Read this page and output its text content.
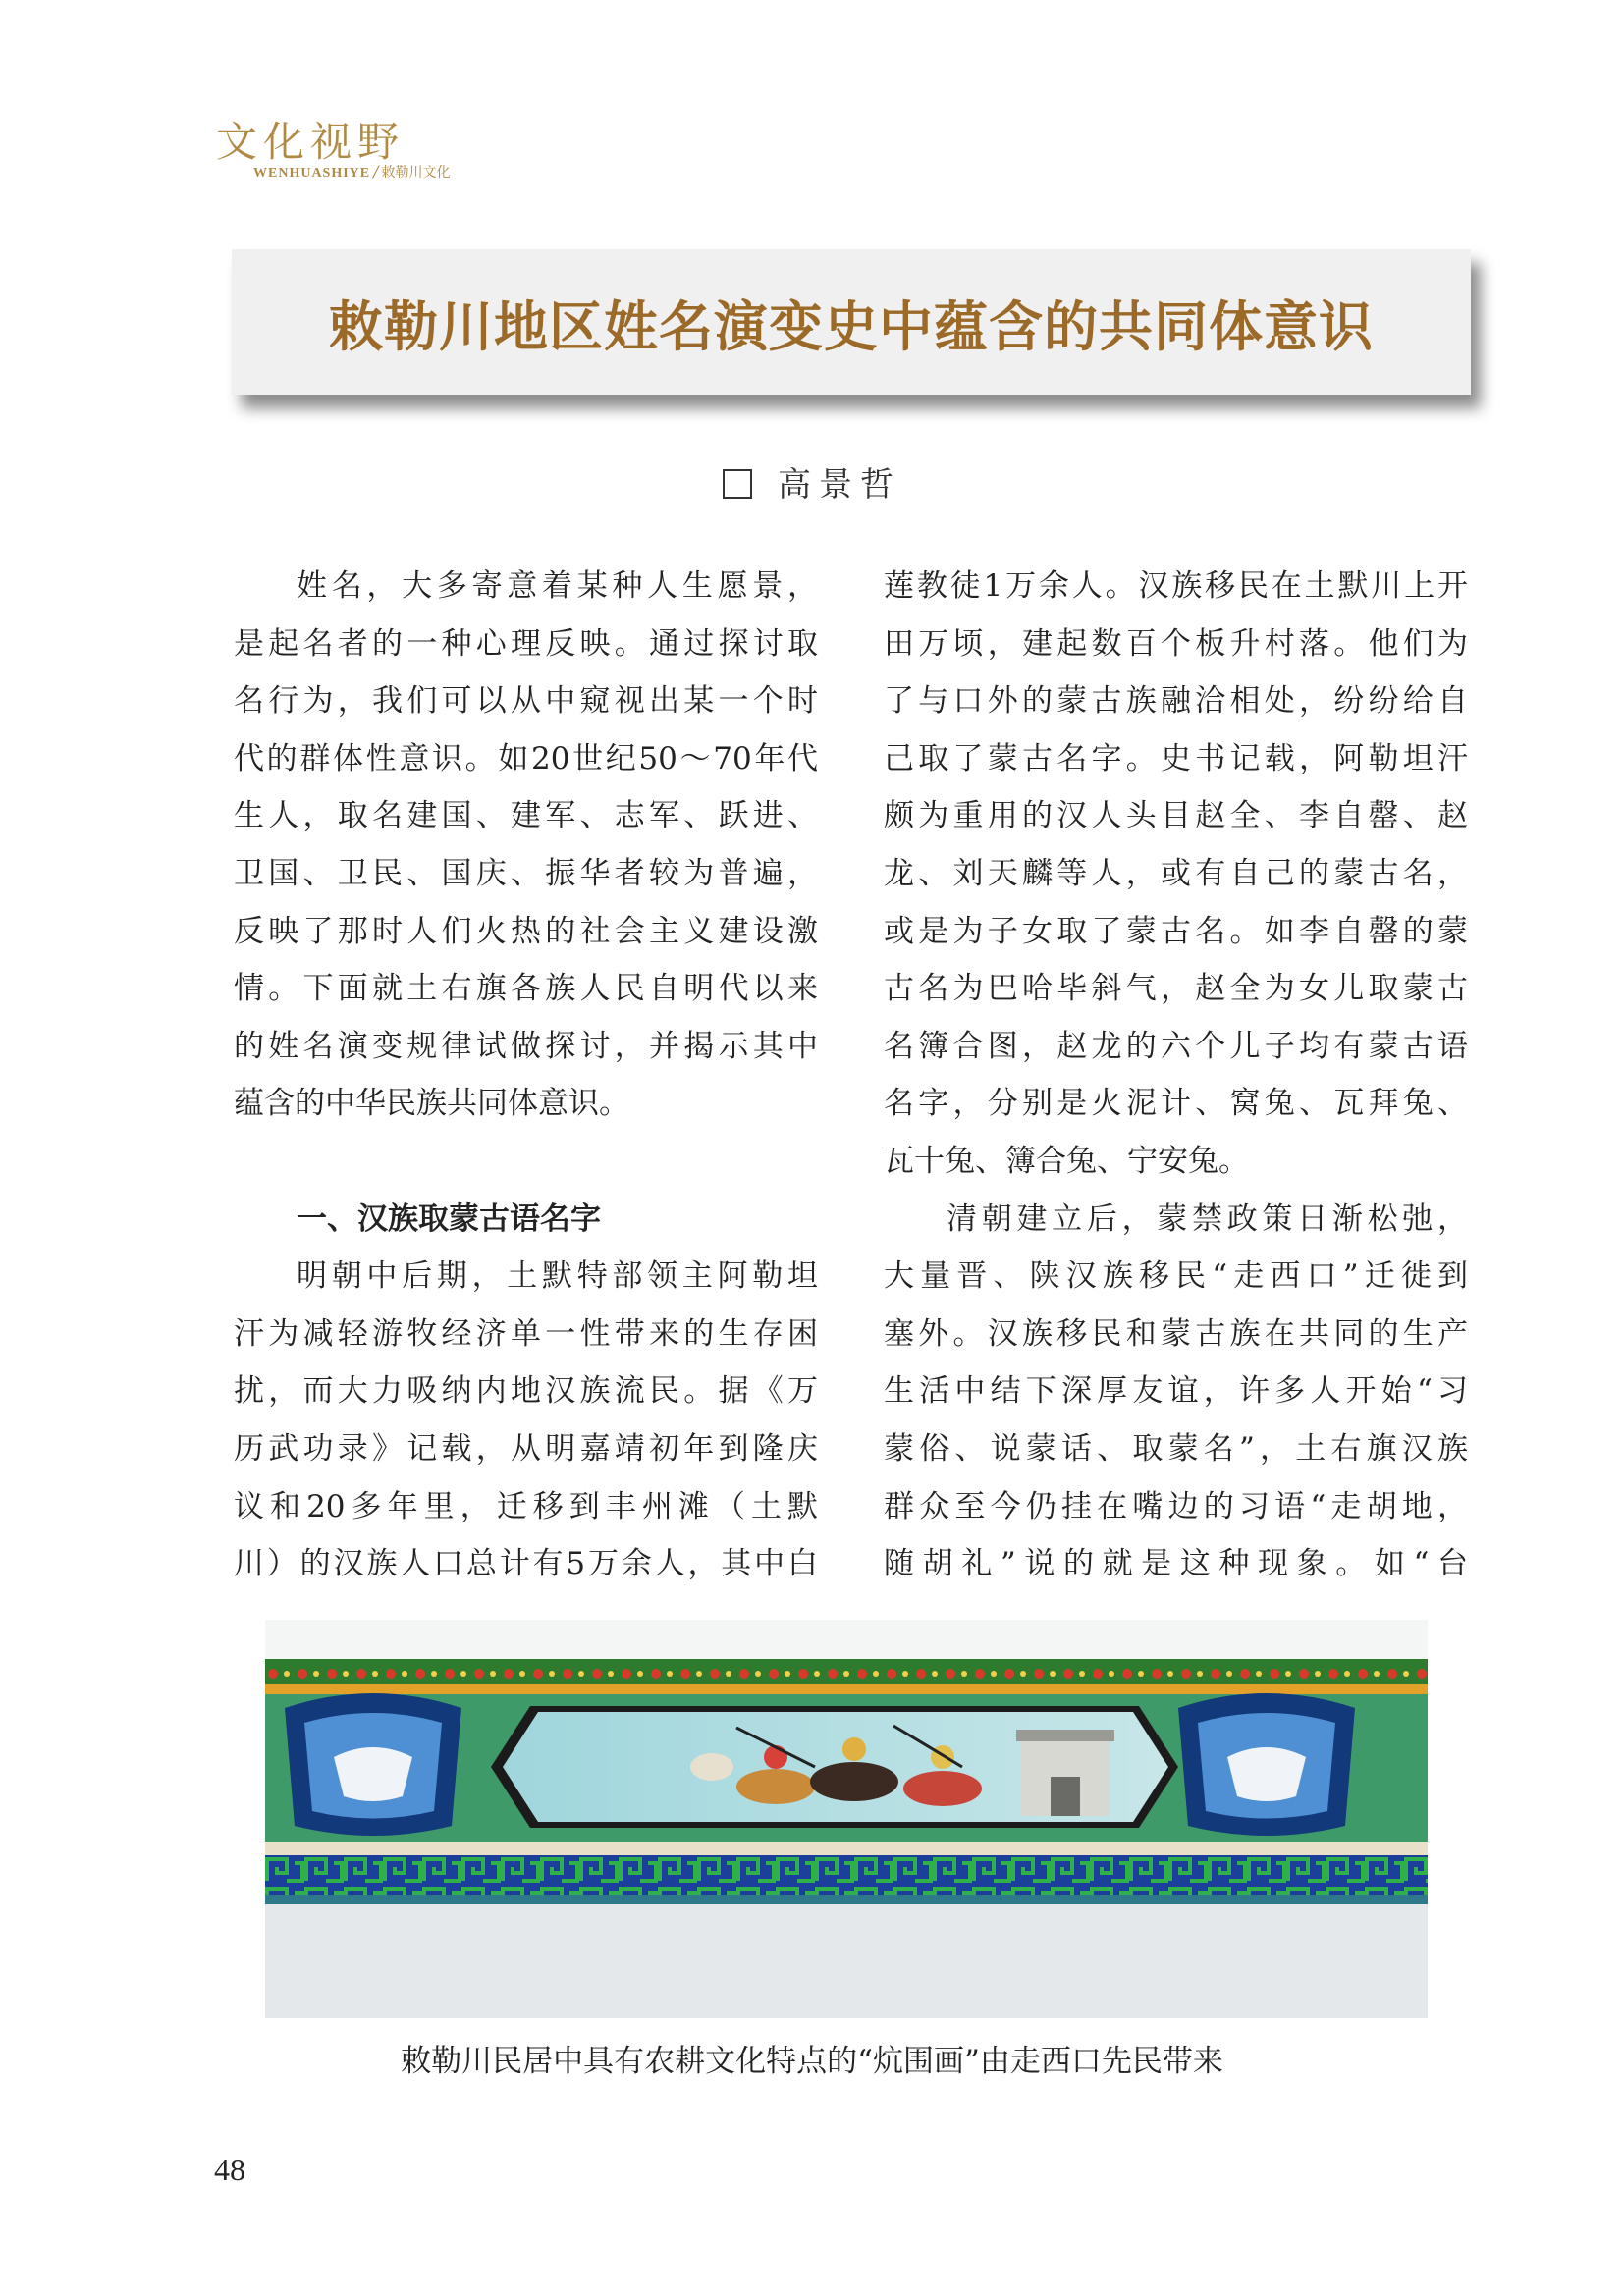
文化视野
WENHUASHIYE / 敕勒川文化
敕勒川地区姓名演变史中蕴含的共同体意识
高景哲
姓名，大多寄意着某种人生愿景，
是起名者的一种心理反映。通过探讨取
名行为，我们可以从中窥视出某一个时
代的群体性意识。如20世纪50～70年代
生人，取名建国、建军、志军、跃进、
卫国、卫民、国庆、振华者较为普遍，
反映了那时人们火热的社会主义建设激
情。下面就土右旗各族人民自明代以来
的姓名演变规律试做探讨，并揭示其中
蕴含的中华民族共同体意识。
一、汉族取蒙古语名字
明朝中后期，土默特部领主阿勒坦
汗为减轻游牧经济单一性带来的生存困
扰，而大力吸纳内地汉族流民。据《万
历武功录》记载，从明嘉靖初年到隆庆
议和20多年里，迁移到丰州滩（土默
川）的汉族人口总计有5万余人，其中白
莲教徒1万余人。汉族移民在土默川上开
田万顷，建起数百个板升村落。他们为
了与口外的蒙古族融洽相处，纷纷给自
己取了蒙古名字。史书记载，阿勒坦汗
颇为重用的汉人头目赵全、李自罄、赵
龙、刘天麟等人，或有自己的蒙古名，
或是为子女取了蒙古名。如李自罄的蒙
古名为巴哈毕斜气，赵全为女儿取蒙古
名簿合图，赵龙的六个儿子均有蒙古语
名字，分别是火泥计、窝兔、瓦拜兔、
瓦十兔、簿合兔、宁安兔。
清朝建立后，蒙禁政策日渐松弛，
大量晋、陕汉族移民“走西口”迁徙到
塞外。汉族移民和蒙古族在共同的生产
生活中结下深厚友谊，许多人开始“习
蒙俗、说蒙话、取蒙名”，土右旗汉族
群众至今仍挂在嘴边的习语“走胡地，
随胡礼”说的就是这种现象。如“台
敕勒川民居中具有农耕文化特点的“炕围画”由走西口先民带来
48
